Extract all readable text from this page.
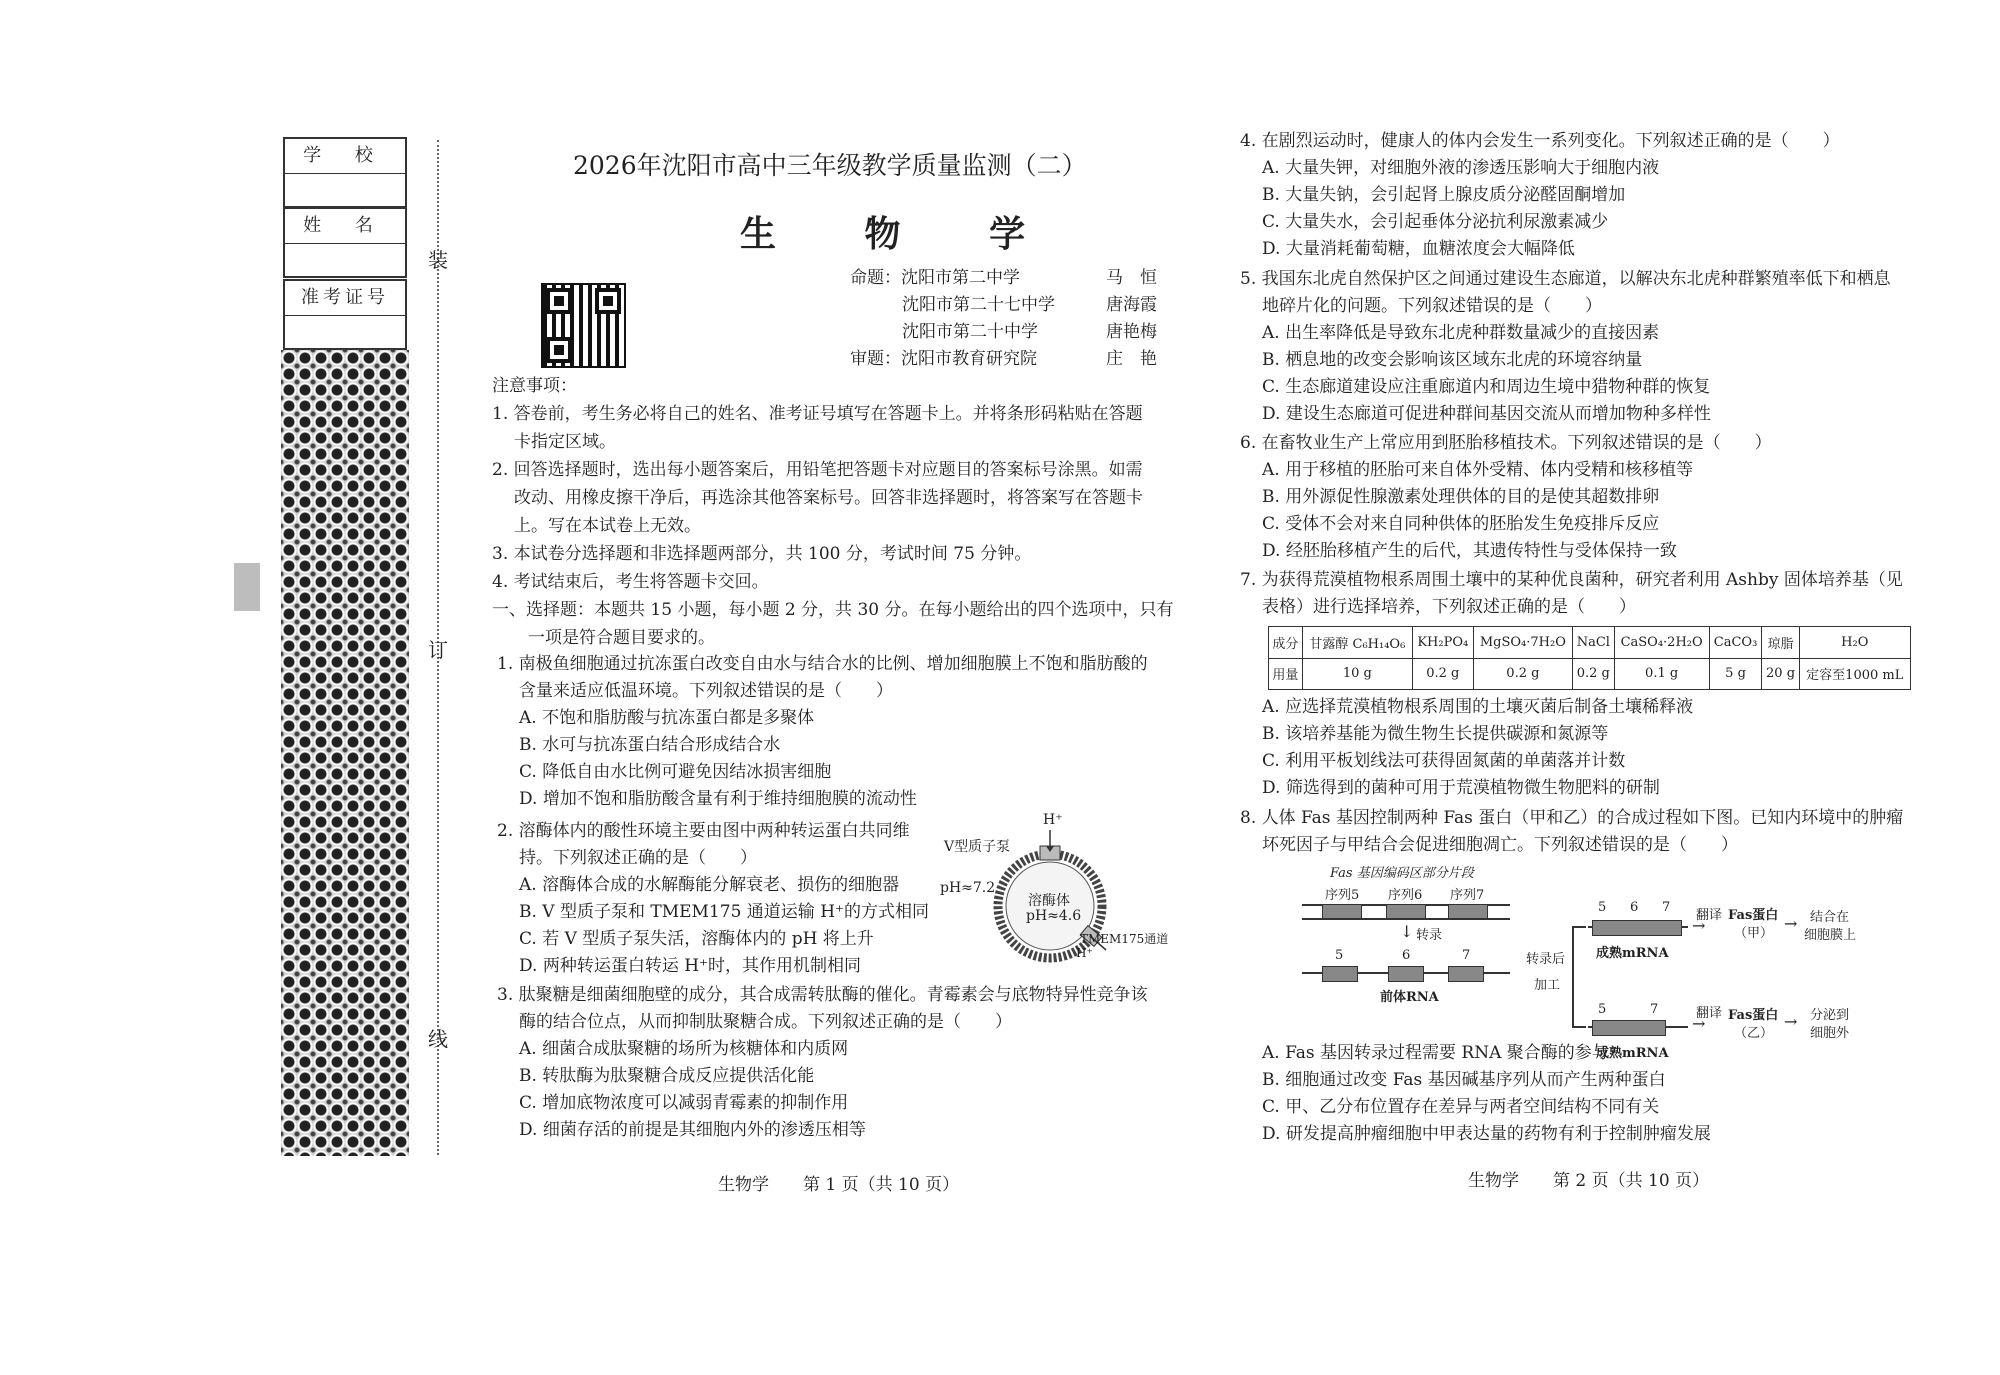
学 校
姓 名
准考证号
装
订
线
2026年沈阳市高中三年级教学质量监测（二）
生 物 学
命题：沈阳市第二中学	马　恒
沈阳市第二十七中学	唐海霞
沈阳市第二十中学	唐艳梅
审题：沈阳市教育研究院	庄　艳
注意事项：
1. 答卷前，考生务必将自己的姓名、准考证号填写在答题卡上。并将条形码粘贴在答题
卡指定区域。
2. 回答选择题时，选出每小题答案后，用铅笔把答题卡对应题目的答案标号涂黑。如需
改动、用橡皮擦干净后，再选涂其他答案标号。回答非选择题时，将答案写在答题卡
上。写在本试卷上无效。
3. 本试卷分选择题和非选择题两部分，共 100 分，考试时间 75 分钟。
4. 考试结束后，考生将答题卡交回。
一、选择题：本题共 15 小题，每小题 2 分，共 30 分。在每小题给出的四个选项中，只有
一项是符合题目要求的。
1. 南极鱼细胞通过抗冻蛋白改变自由水与结合水的比例、增加细胞膜上不饱和脂肪酸的
含量来适应低温环境。下列叙述错误的是（　　）
A. 不饱和脂肪酸与抗冻蛋白都是多聚体
B. 水可与抗冻蛋白结合形成结合水
C. 降低自由水比例可避免因结冰损害细胞
D. 增加不饱和脂肪酸含量有利于维持细胞膜的流动性
2. 溶酶体内的酸性环境主要由图中两种转运蛋白共同维
持。下列叙述正确的是（　　）
A. 溶酶体合成的水解酶能分解衰老、损伤的细胞器
B. V 型质子泵和 TMEM175 通道运输 H⁺的方式相同
C. 若 V 型质子泵失活，溶酶体内的 pH 将上升
D. 两种转运蛋白转运 H⁺时，其作用机制相同
V型质子泵
H⁺
pH≈7.2
溶酶体
pH≈4.6
TMEM175通道
H⁺
3. 肽聚糖是细菌细胞壁的成分，其合成需转肽酶的催化。青霉素会与底物特异性竞争该
酶的结合位点，从而抑制肽聚糖合成。下列叙述正确的是（　　）
A. 细菌合成肽聚糖的场所为核糖体和内质网
B. 转肽酶为肽聚糖合成反应提供活化能
C. 增加底物浓度可以减弱青霉素的抑制作用
D. 细菌存活的前提是其细胞内外的渗透压相等
生物学　　第 1 页（共 10 页）
4. 在剧烈运动时，健康人的体内会发生一系列变化。下列叙述正确的是（　　）
A. 大量失钾，对细胞外液的渗透压影响大于细胞内液
B. 大量失钠，会引起肾上腺皮质分泌醛固酮增加
C. 大量失水，会引起垂体分泌抗利尿激素减少
D. 大量消耗葡萄糖，血糖浓度会大幅降低
5. 我国东北虎自然保护区之间通过建设生态廊道，以解决东北虎种群繁殖率低下和栖息
地碎片化的问题。下列叙述错误的是（　　）
A. 出生率降低是导致东北虎种群数量减少的直接因素
B. 栖息地的改变会影响该区域东北虎的环境容纳量
C. 生态廊道建设应注重廊道内和周边生境中猎物种群的恢复
D. 建设生态廊道可促进种群间基因交流从而增加物种多样性
6. 在畜牧业生产上常应用到胚胎移植技术。下列叙述错误的是（　　）
A. 用于移植的胚胎可来自体外受精、体内受精和核移植等
B. 用外源促性腺激素处理供体的目的是使其超数排卵
C. 受体不会对来自同种供体的胚胎发生免疫排斥反应
D. 经胚胎移植产生的后代，其遗传特性与受体保持一致
7. 为获得荒漠植物根系周围土壤中的某种优良菌种，研究者利用 Ashby 固体培养基（见
表格）进行选择培养，下列叙述正确的是（　　）
成分	甘露醇 C₆H₁₄O₆	KH₂PO₄	MgSO₄·7H₂O	NaCl	CaSO₄·2H₂O	CaCO₃	琼脂	H₂O
用量	10 g	0.2 g	0.2 g	0.2 g	0.1 g	5 g	20 g	定容至1000 mL
A. 应选择荒漠植物根系周围的土壤灭菌后制备土壤稀释液
B. 该培养基能为微生物生长提供碳源和氮源等
C. 利用平板划线法可获得固氮菌的单菌落并计数
D. 筛选得到的菌种可用于荒漠植物微生物肥料的研制
8. 人体 Fas 基因控制两种 Fas 蛋白（甲和乙）的合成过程如下图。已知内环境中的肿瘤
坏死因子与甲结合会促进细胞凋亡。下列叙述错误的是（　　）
Fas 基因编码区部分片段
序列5 序列6 序列7
↓ 转录
5	6	7
前体RNA
转录后
加工
5 6 7
成熟mRNA
翻译
→
Fas蛋白
（甲）
→ 结合在
细胞膜上
5	7
成熟mRNA
翻译
→ Fas蛋白
（乙）
→ 分泌到
细胞外
A. Fas 基因转录过程需要 RNA 聚合酶的参与
B. 细胞通过改变 Fas 基因碱基序列从而产生两种蛋白
C. 甲、乙分布位置存在差异与两者空间结构不同有关
D. 研发提高肿瘤细胞中甲表达量的药物有利于控制肿瘤发展
生物学　　第 2 页（共 10 页）
